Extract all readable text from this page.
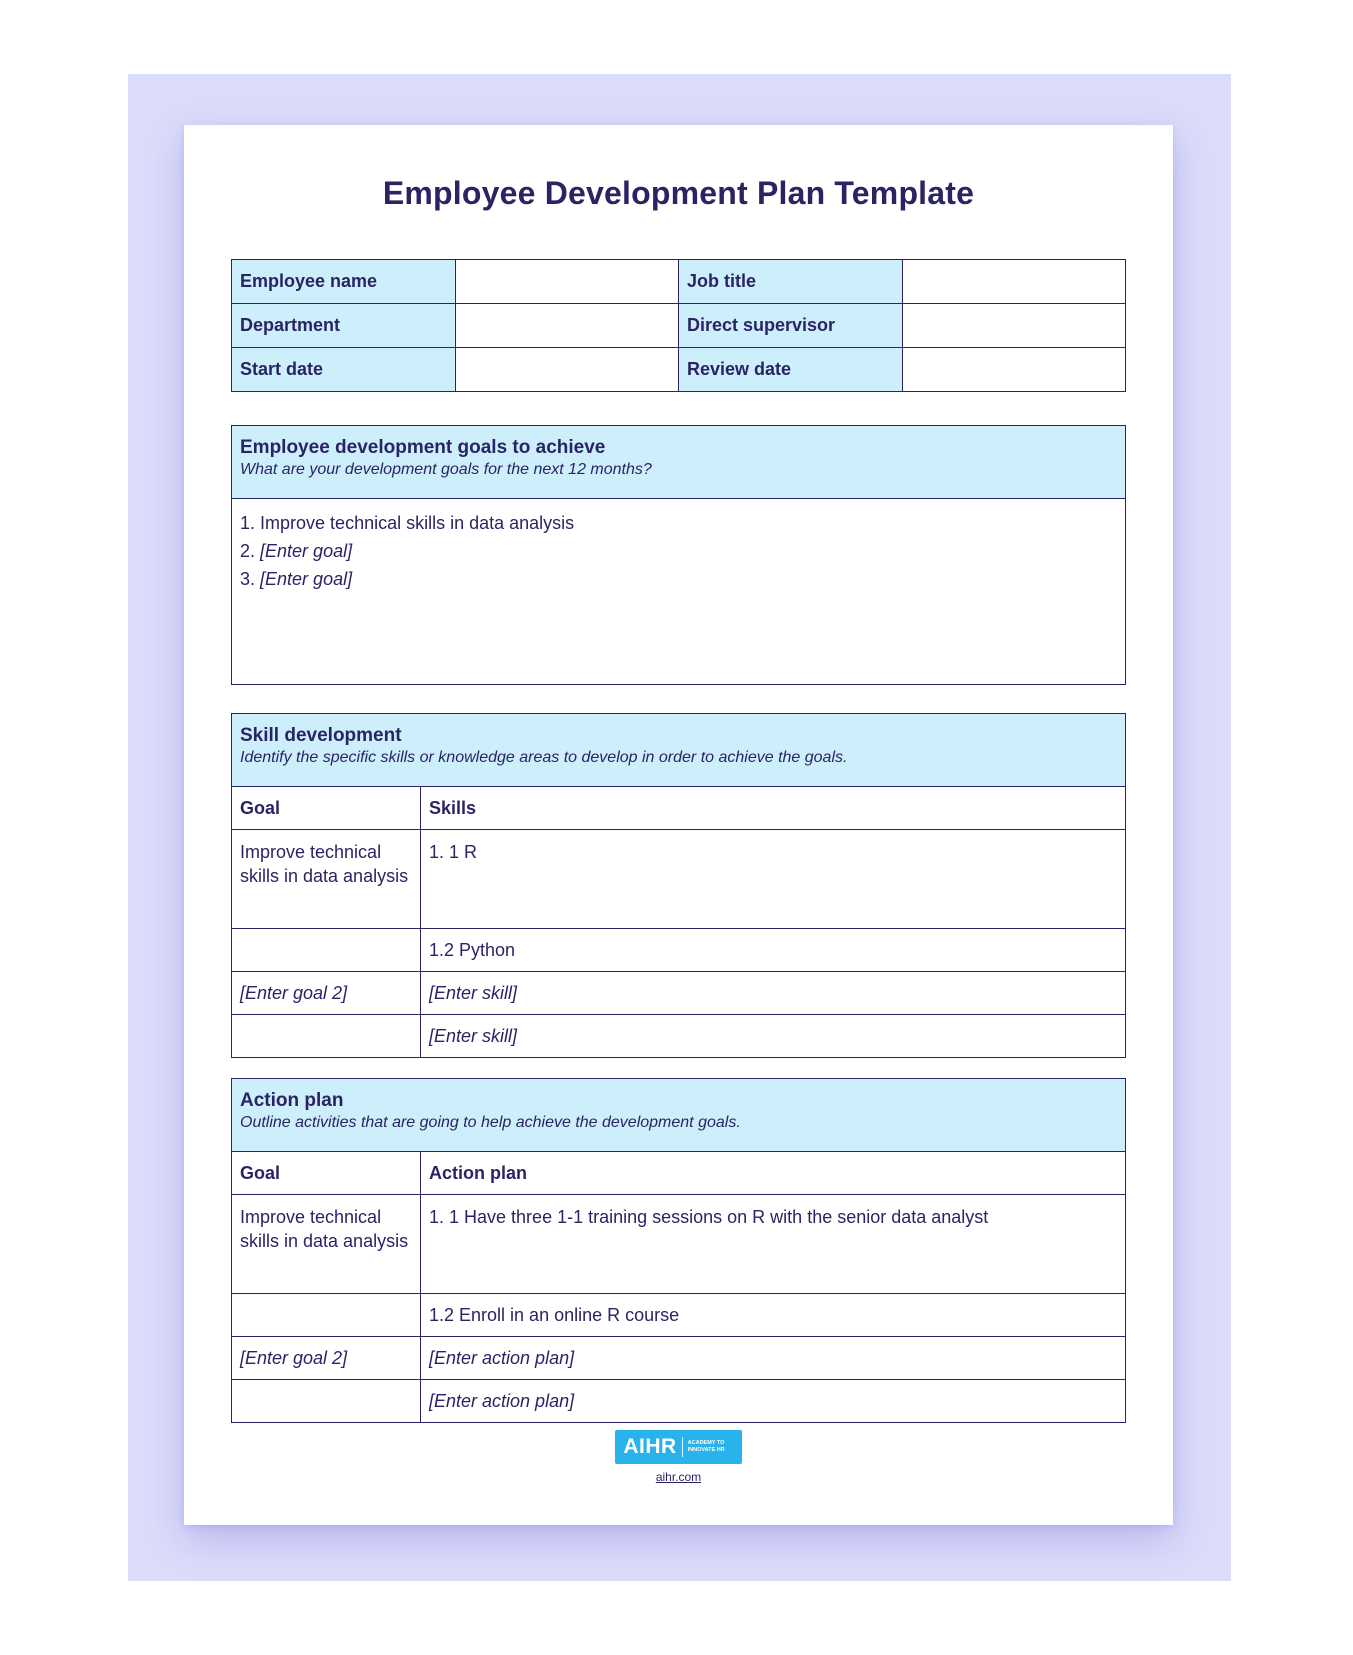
Employee Development Plan Template
Employee name		Job title	
Department		Direct supervisor	
Start date		Review date	
Employee development goals to achieve
What are your development goals for the next 12 months?
1. Improve technical skills in data analysis
2. [Enter goal]
3. [Enter goal]
Skill development
Identify the specific skills or knowledge areas to develop in order to achieve the goals.
Goal	Skills
Improve technical skills in data analysis	1. 1 R
	1.2 Python
[Enter goal 2]	[Enter skill]
	[Enter skill]
Action plan
Outline activities that are going to help achieve the development goals.
Goal	Action plan
Improve technical skills in data analysis	1. 1 Have three 1-1 training sessions on R with the senior data analyst
	1.2 Enroll in an online R course
[Enter goal 2]	[Enter action plan]
	[Enter action plan]
AIHR ACADEMY TO INNOVATE HR
aihr.com
